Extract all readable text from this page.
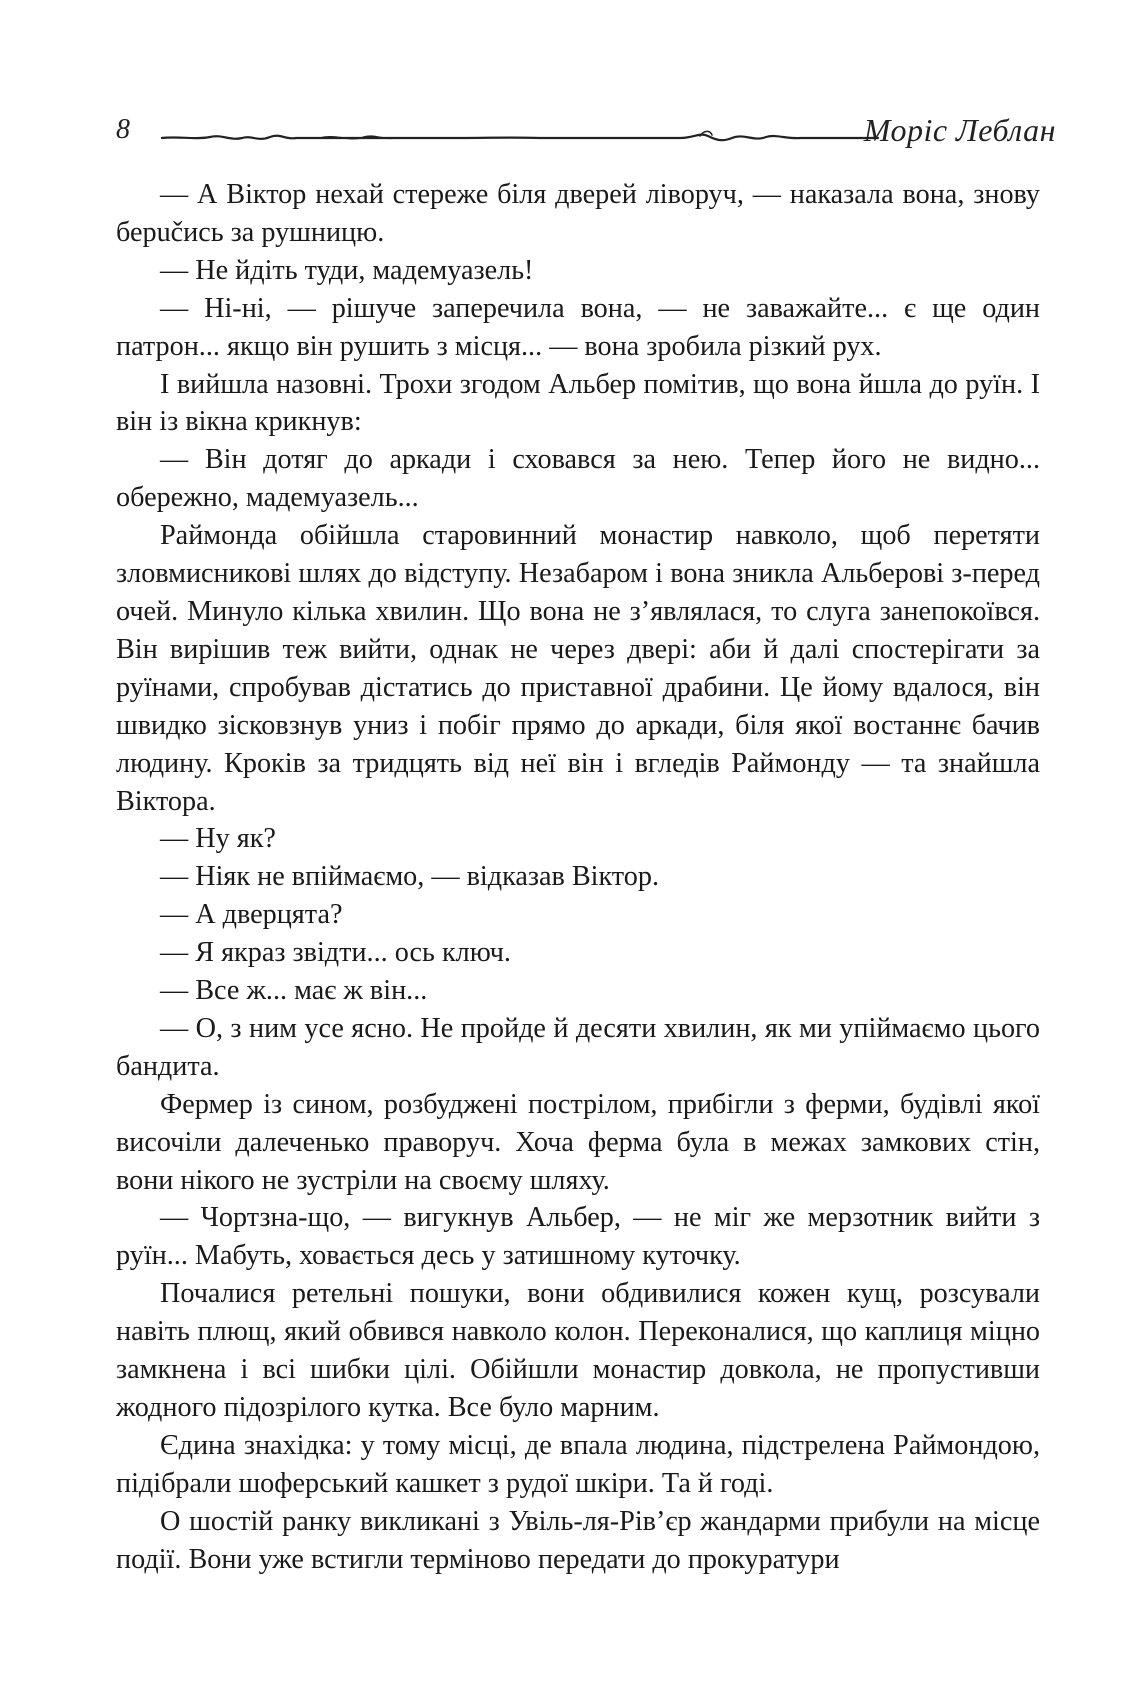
8	Моріс Леблан

— А Віктор нехай стереже біля дверей ліворуч, — наказала вона, знову берučись за рушницю.

— Не йдіть туди, мадемуазель!

— Ні-ні, — рішуче заперечила вона, — не заважайте... є ще один патрон... якщо він рушить з місця... — вона зробила різкий рух.

І вийшла назовні. Трохи згодом Альбер помітив, що вона йшла до руїн. І він із вікна крикнув:

— Він дотяг до аркади і сховався за нею. Тепер його не видно... обережно, мадемуазель...

Раймонда обійшла старовинний монастир навколо, щоб перетяти зловмисникові шлях до відступу. Незабаром і вона зникла Альберові з-перед очей. Минуло кілька хвилин. Що вона не з’являлася, то слуга занепокоївся. Він вирішив теж вийти, однак не через двері: аби й далі спостерігати за руїнами, спробував дістатись до приставної драбини. Це йому вдалося, він швидко зісковзнув униз і побіг прямо до аркади, біля якої востаннє бачив людину. Кроків за тридцять від неї він і вгледів Раймонду — та знайшла Віктора.

— Ну як?

— Ніяк не впіймаємо, — відказав Віктор.

— А дверцята?

— Я якраз звідти... ось ключ.

— Все ж... має ж він...

— О, з ним усе ясно. Не пройде й десяти хвилин, як ми упіймаємо цього бандита.

Фермер із сином, розбуджені пострілом, прибігли з ферми, будівлі якої височіли далеченько праворуч. Хоча ферма була в межах замкових стін, вони нікого не зустріли на своєму шляху.

— Чортзна-що, — вигукнув Альбер, — не міг же мерзотник вийти з руїн... Мабуть, ховається десь у затишному куточку.

Почалися ретельні пошуки, вони обдивилися кожен кущ, розсували навіть плющ, який обвився навколо колон. Переконалися, що каплиця міцно замкнена і всі шибки цілі. Обійшли монастир довкола, не пропустивши жодного підозрілого кутка. Все було марним.

Єдина знахідка: у тому місці, де впала людина, підстрелена Раймондою, підібрали шоферський кашкет з рудої шкіри. Та й годі.

О шостій ранку викликані з Увіль-ля-Рів’єр жандарми прибули на місце події. Вони уже встигли терміново передати до прокуратури
